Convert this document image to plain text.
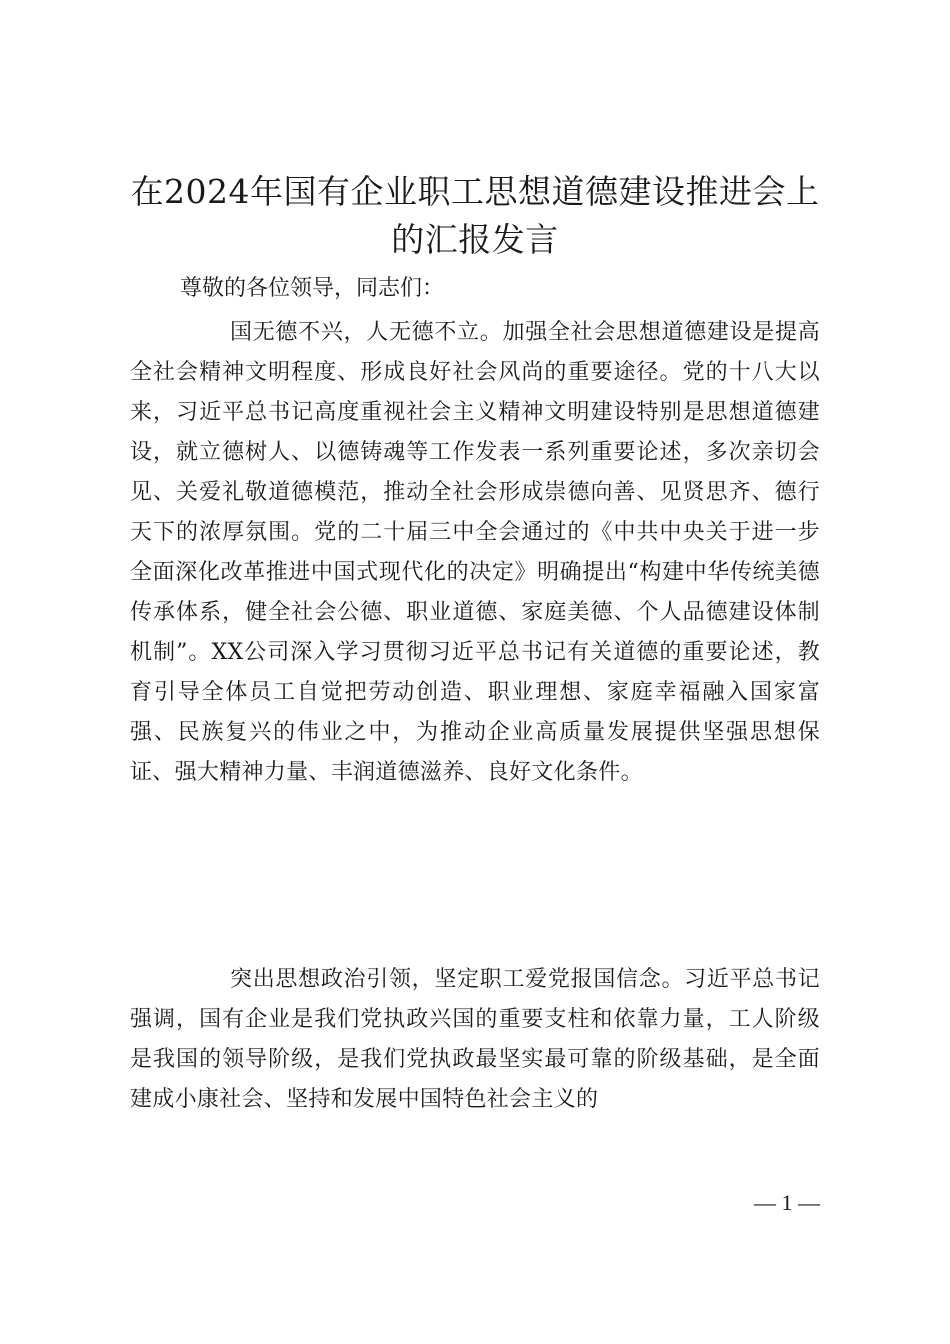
在2024年国有企业职工思想道德建设推进会上的汇报发言

尊敬的各位领导，同志们：

国无德不兴，人无德不立。加强全社会思想道德建设是提高全社会精神文明程度、形成良好社会风尚的重要途径。党的十八大以来，习近平总书记高度重视社会主义精神文明建设特别是思想道德建设，就立德树人、以德铸魂等工作发表一系列重要论述，多次亲切会见、关爱礼敬道德模范，推动全社会形成崇德向善、见贤思齐、德行天下的浓厚氛围。党的二十届三中全会通过的《中共中央关于进一步全面深化改革推进中国式现代化的决定》明确提出“构建中华传统美德传承体系，健全社会公德、职业道德、家庭美德、个人品德建设体制机制”。XX公司深入学习贯彻习近平总书记有关道德的重要论述，教育引导全体员工自觉把劳动创造、职业理想、家庭幸福融入国家富强、民族复兴的伟业之中，为推动企业高质量发展提供坚强思想保证、强大精神力量、丰润道德滋养、良好文化条件。

突出思想政治引领，坚定职工爱党报国信念。习近平总书记强调，国有企业是我们党执政兴国的重要支柱和依靠力量，工人阶级是我国的领导阶级，是我们党执政最坚实最可靠的阶级基础，是全面建成小康社会、坚持和发展中国特色社会主义的

— 1 —
